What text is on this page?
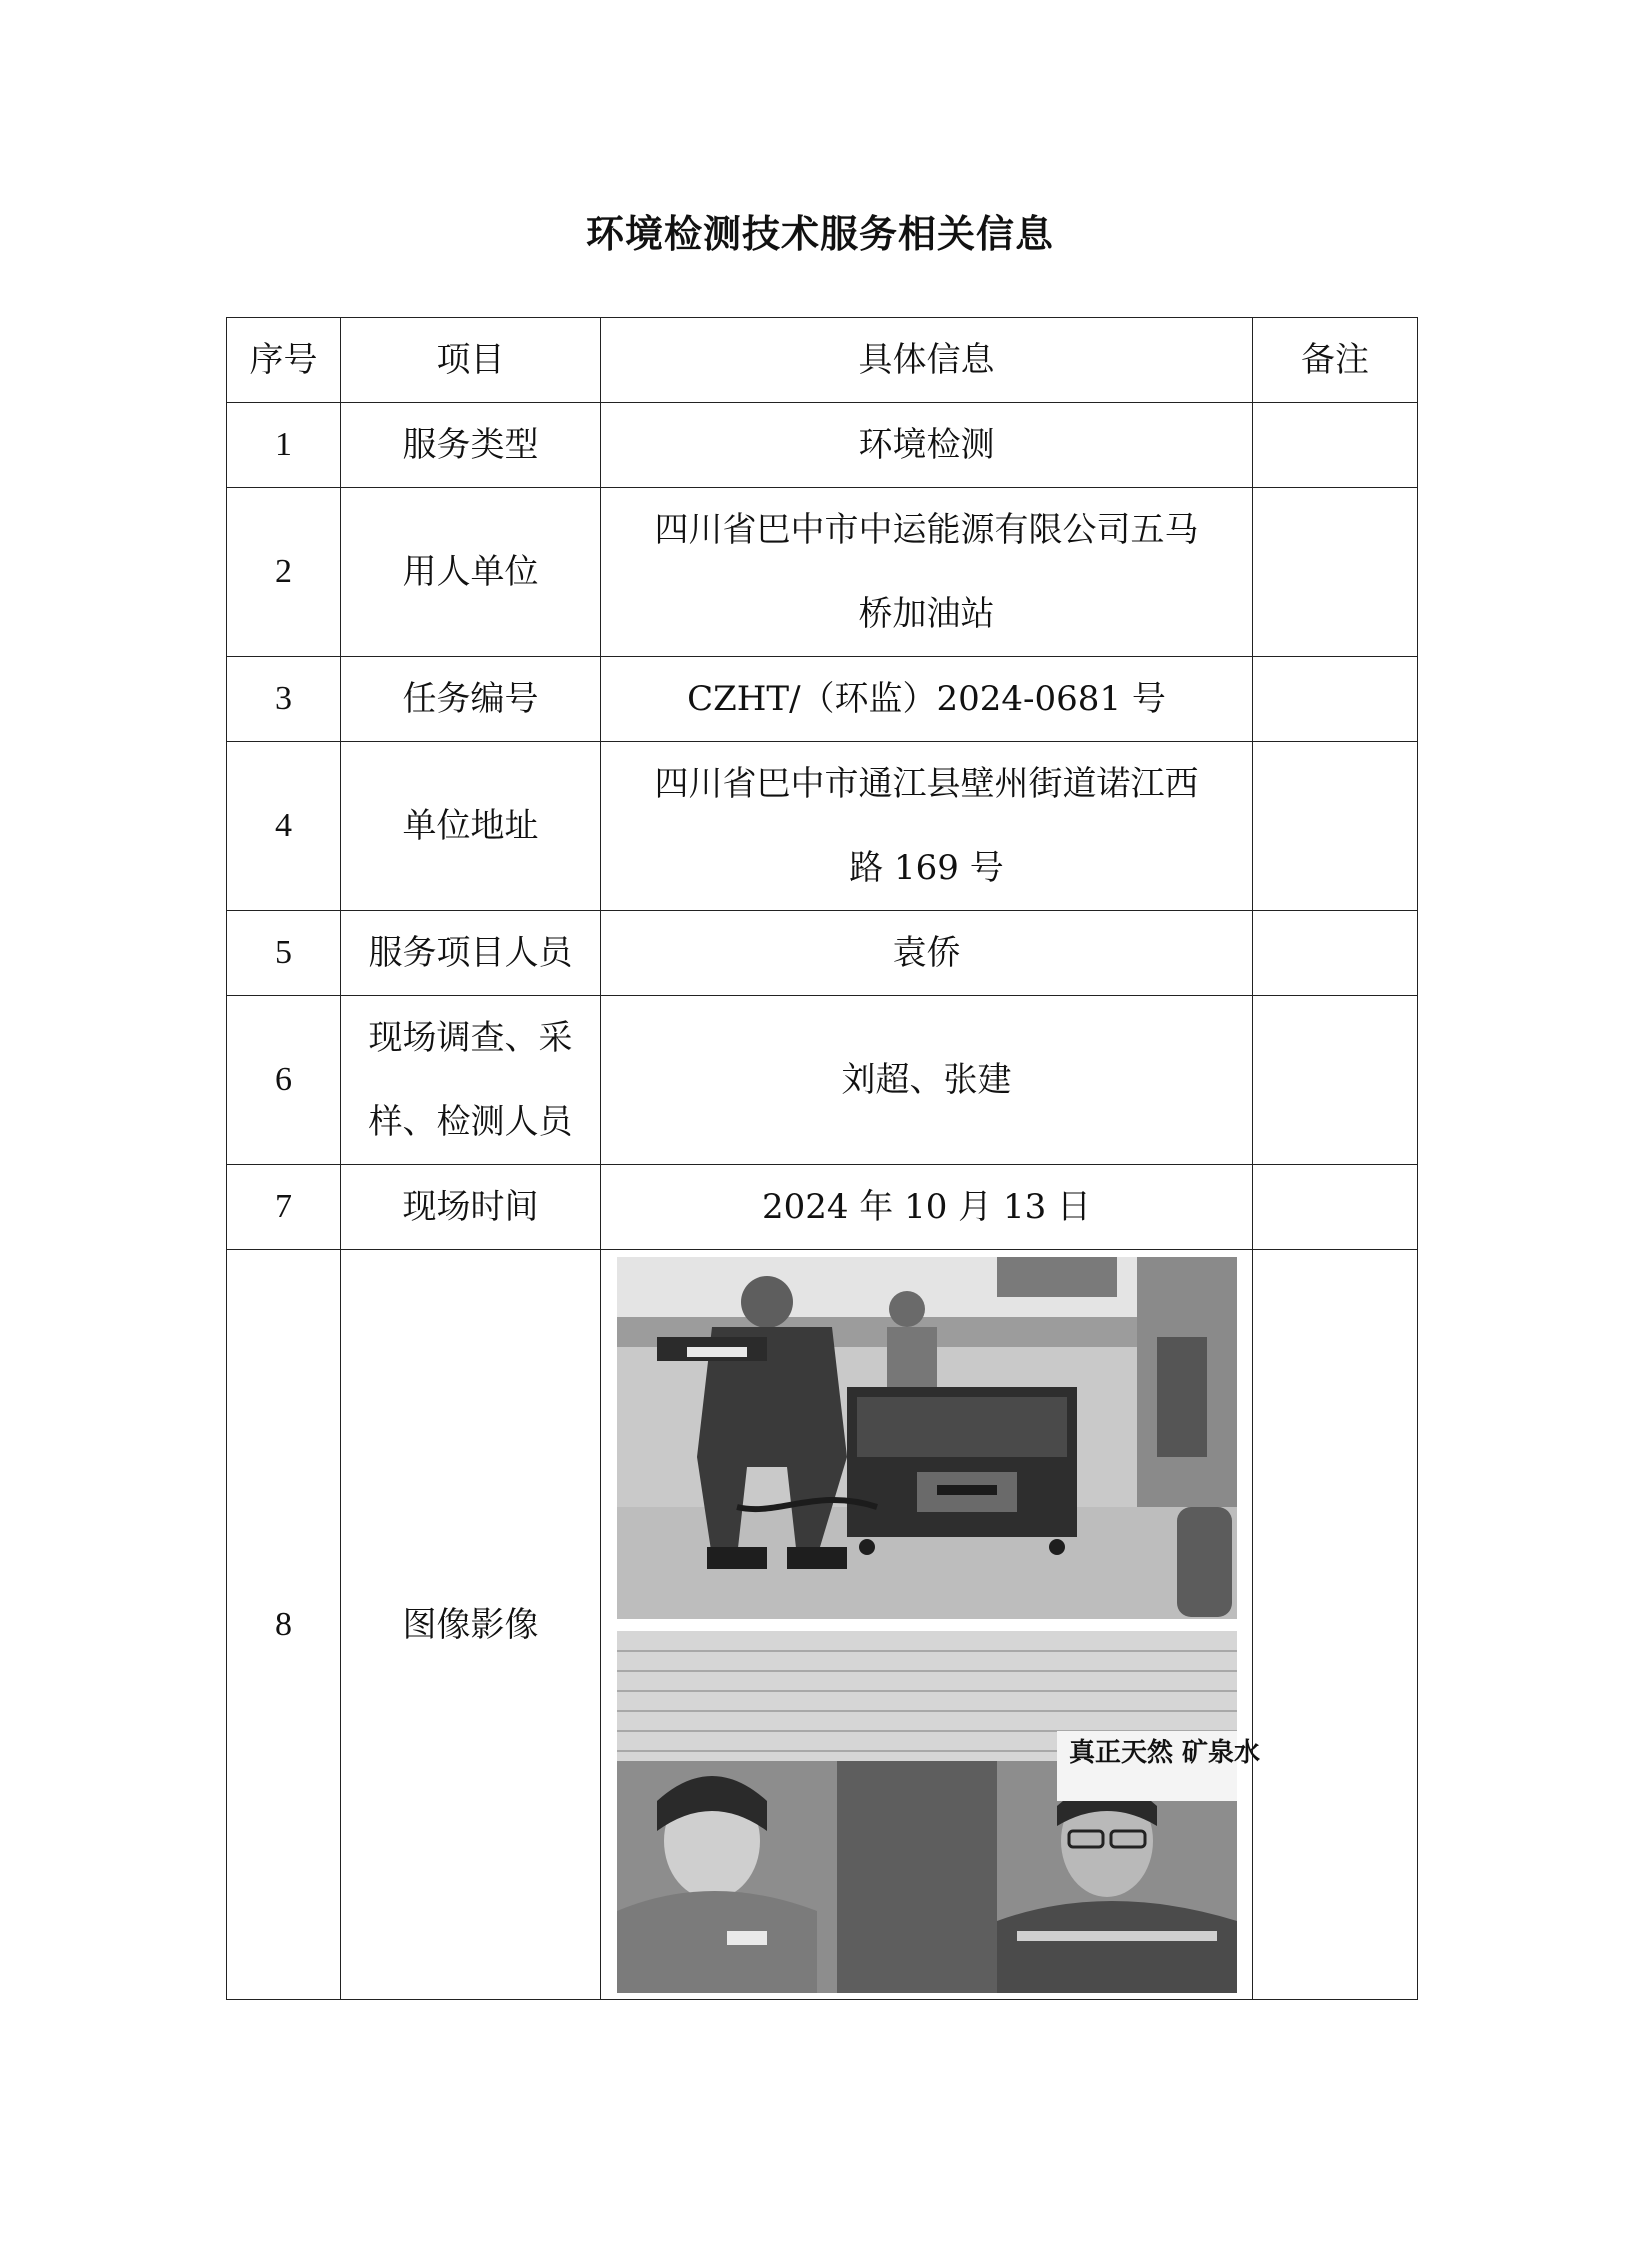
环境检测技术服务相关信息
序号	项目	具体信息	备注
1	服务类型	环境检测	
2	用人单位	四川省巴中市中运能源有限公司五马
桥加油站	

3	任务编号	CZHT/（环监）2024-0681 号	
4	单位地址	四川省巴中市通江县壁州街道诺江西
路 169 号	

5	服务项目人员	袁侨	
6	现场调查、采
样、检测人员	刘超、张建	
7	现场时间	2024 年 10 月 13 日	
8	图像影像	真正天然 矿泉水	
